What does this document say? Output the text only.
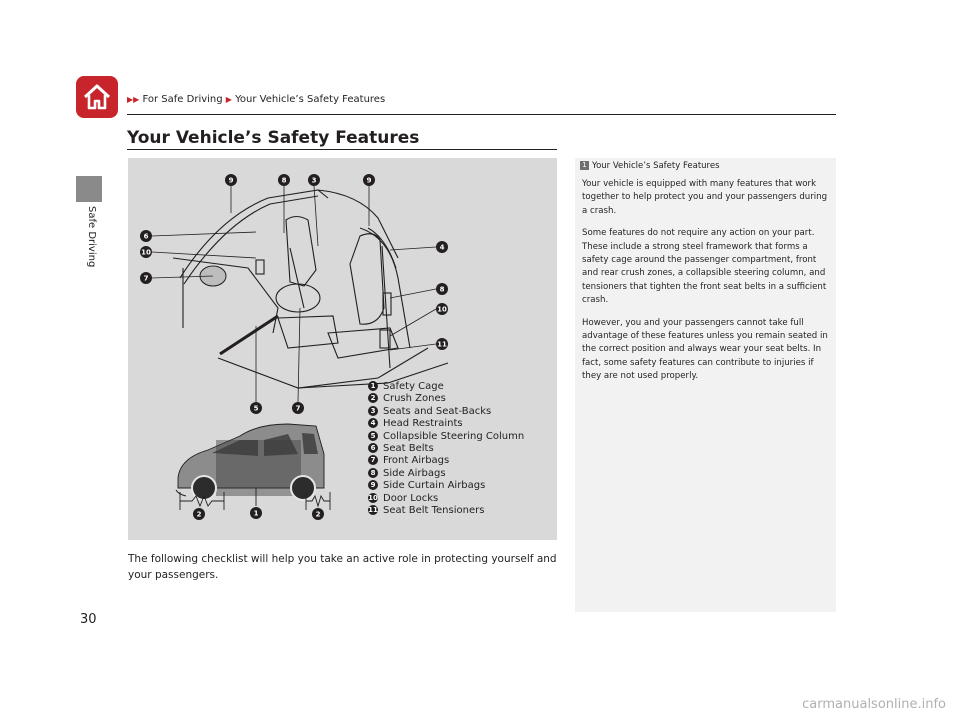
▶▶ For Safe Driving ▶ Your Vehicle’s Safety Features
Safe Driving
Your Vehicle’s Safety Features
9	8	3	9
6
10
7
4
8
10
11
5	7
2	1	2
1 Safety Cage
2 Crush Zones
3 Seats and Seat-Backs
4 Head Restraints
5 Collapsible Steering Column
6 Seat Belts
7 Front Airbags
8 Side Airbags
9 Side Curtain Airbags
10 Door Locks
11 Seat Belt Tensioners
The following checklist will help you take an active role in protecting yourself and your passengers.
30
1 Your Vehicle’s Safety Features

Your vehicle is equipped with many features that work together to help protect you and your passengers during a crash.

Some features do not require any action on your part. These include a strong steel framework that forms a safety cage around the passenger compartment, front and rear crush zones, a collapsible steering column, and tensioners that tighten the front seat belts in a sufficient crash.

However, you and your passengers cannot take full advantage of these features unless you remain seated in the correct position and always wear your seat belts. In fact, some safety features can contribute to injuries if they are not used properly.

carmanualsonline.info
